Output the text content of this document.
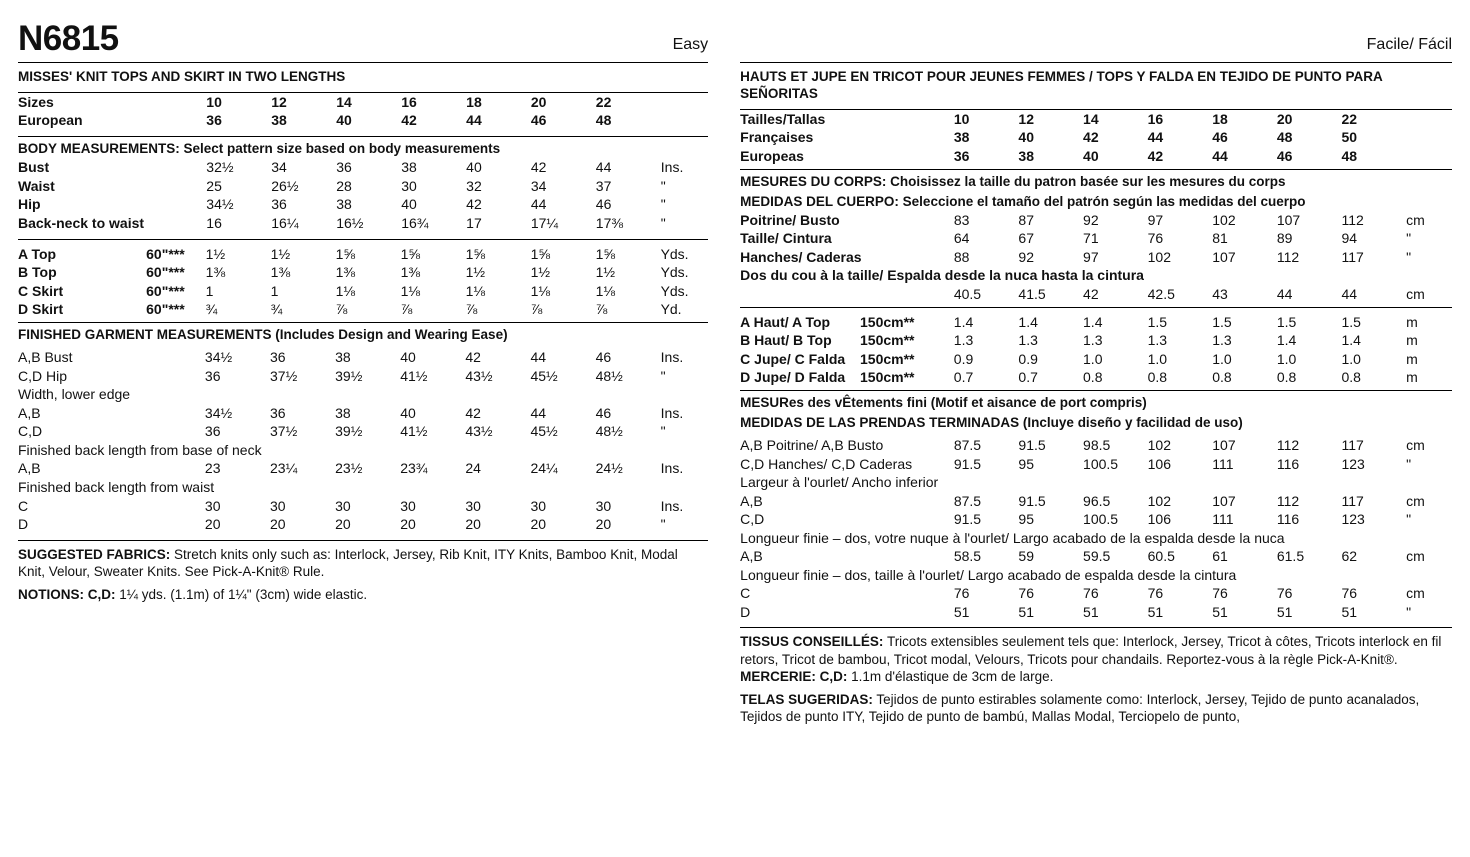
N6815	Easy
MISSES' KNIT TOPS AND SKIRT IN TWO LENGTHS
Sizes	10	12	14	16	18	20	22	
European	36	38	40	42	44	46	48	

BODY MEASUREMENTS: Select pattern size based on body measurements								
Bust	32½	34	36	38	40	42	44	Ins.
Waist	25	26½	28	30	32	34	37	"
Hip	34½	36	38	40	42	44	46	"
Back-neck to waist	16	16¼	16½	16¾	17	17¼	17⅜	"

A Top	60"***	1½	1½	1⅝	1⅝	1⅝	1⅝	1⅝	Yds.
B Top	60"***	1⅜	1⅜	1⅜	1⅜	1½	1½	1½	Yds.
C Skirt	60"***	1	1	1⅛	1⅛	1⅛	1⅛	1⅛	Yds.
D Skirt	60"***	¾	¾	⅞	⅞	⅞	⅞	⅞	Yd.

FINISHED GARMENT MEASUREMENTS (Includes Design and Wearing Ease)								

A,B Bust	34½	36	38	40	42	44	46	Ins.
C,D Hip	36	37½	39½	41½	43½	45½	48½	"
Width, lower edge								
A,B	34½	36	38	40	42	44	46	Ins.
C,D	36	37½	39½	41½	43½	45½	48½	"
Finished back length from base of neck								
A,B	23	23¼	23½	23¾	24	24¼	24½	Ins.
Finished back length from waist								
C	30	30	30	30	30	30	30	Ins.
D	20	20	20	20	20	20	20	"
SUGGESTED FABRICS: Stretch knits only such as: Interlock, Jersey, Rib Knit, ITY Knits, Bamboo Knit, Modal Knit, Velour, Sweater Knits. See Pick-A-Knit® Rule.
NOTIONS: C,D: 1¼ yds. (1.1m) of 1¼" (3cm) wide elastic.
Facile/ Fácil
HAUTS ET JUPE EN TRICOT POUR JEUNES FEMMES / TOPS Y FALDA EN TEJIDO DE PUNTO PARA SEÑORITAS
Tailles/Tallas	10	12	14	16	18	20	22	
Françaises	38	40	42	44	46	48	50	
Europeas	36	38	40	42	44	46	48	

MESURES DU CORPS: Choisissez la taille du patron basée sur les mesures du corps								
MEDIDAS DEL CUERPO: Seleccione el tamaño del patrón según las medidas del cuerpo								
Poitrine/ Busto	83	87	92	97	102	107	112	cm
Taille/ Cintura	64	67	71	76	81	89	94	"
Hanches/ Caderas	88	92	97	102	107	112	117	"
Dos du cou à la taille/ Espalda desde la nuca hasta la cintura								
	40.5	41.5	42	42.5	43	44	44	cm

A Haut/ A Top	150cm**	1.4	1.4	1.4	1.5	1.5	1.5	1.5	m
B Haut/ B Top	150cm**	1.3	1.3	1.3	1.3	1.3	1.4	1.4	m
C Jupe/ C Falda	150cm**	0.9	0.9	1.0	1.0	1.0	1.0	1.0	m
D Jupe/ D Falda	150cm**	0.7	0.7	0.8	0.8	0.8	0.8	0.8	m

MESURes des vÊtements fini (Motif et aisance de port compris)								
MEDIDAS DE LAS PRENDAS TERMINADAS (Incluye diseño y facilidad de uso)								

A,B Poitrine/ A,B Busto	87.5	91.5	98.5	102	107	112	117	cm
C,D Hanches/ C,D Caderas	91.5	95	100.5	106	111	116	123	"
Largeur à l'ourlet/ Ancho inferior								
A,B	87.5	91.5	96.5	102	107	112	117	cm
C,D	91.5	95	100.5	106	111	116	123	"
Longueur finie – dos, votre nuque à l'ourlet/ Largo acabado de la espalda desde la nuca								
A,B	58.5	59	59.5	60.5	61	61.5	62	cm
Longueur finie – dos, taille à l'ourlet/ Largo acabado de espalda desde la cintura								
C	76	76	76	76	76	76	76	cm
D	51	51	51	51	51	51	51	"
TISSUS CONSEILLÉS: Tricots extensibles seulement tels que: Interlock, Jersey, Tricot à côtes, Tricots interlock en fil retors, Tricot de bambou, Tricot modal, Velours, Tricots pour chandails. Reportez-vous à la règle Pick-A-Knit®. MERCERIE: C,D: 1.1m d'élastique de 3cm de large.
TELAS SUGERIDAS: Tejidos de punto estirables solamente como: Interlock, Jersey, Tejido de punto acanalados, Tejidos de punto ITY, Tejido de punto de bambú, Mallas Modal, Terciopelo de punto,
